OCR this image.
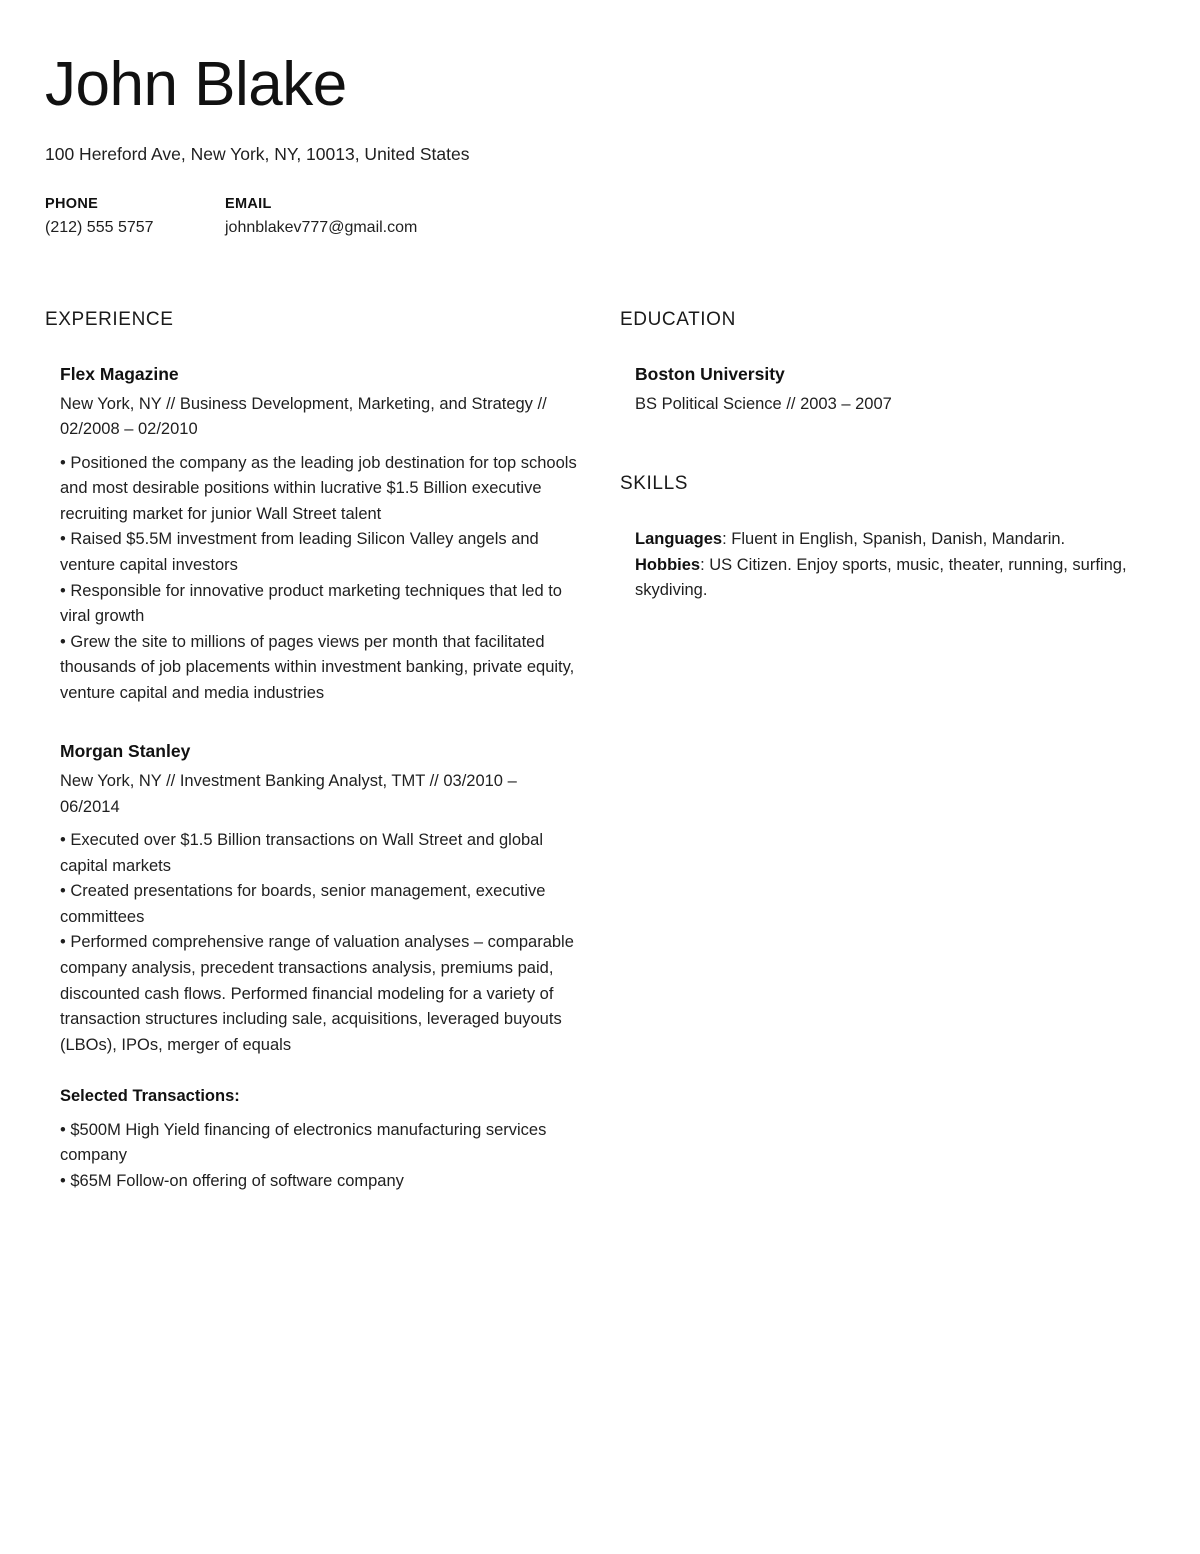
John Blake
100 Hereford Ave, New York, NY, 10013, United States
PHONE
(212) 555 5757
EMAIL
johnblakev777@gmail.com
EXPERIENCE
Flex Magazine

New York, NY // Business Development, Marketing, and Strategy // 02/2008 – 02/2010

• Positioned the company as the leading job destination for top schools and most desirable positions within lucrative $1.5 Billion executive recruiting market for junior Wall Street talent
• Raised $5.5M investment from leading Silicon Valley angels and venture capital investors
• Responsible for innovative product marketing techniques that led to viral growth
• Grew the site to millions of pages views per month that facilitated thousands of job placements within investment banking, private equity, venture capital and media industries
Morgan Stanley

New York, NY // Investment Banking Analyst, TMT // 03/2010 – 06/2014

• Executed over $1.5 Billion transactions on Wall Street and global capital markets
• Created presentations for boards, senior management, executive committees
• Performed comprehensive range of valuation analyses – comparable company analysis, precedent transactions analysis, premiums paid, discounted cash flows. Performed financial modeling for a variety of transaction structures including sale, acquisitions, leveraged buyouts (LBOs), IPOs, merger of equals
Selected Transactions:
• $500M High Yield financing of electronics manufacturing services company
• $65M Follow-on offering of software company
EDUCATION
Boston University

BS Political Science // 2003 – 2007

SKILLS

Languages: Fluent in English, Spanish, Danish, Mandarin.

Hobbies: US Citizen. Enjoy sports, music, theater, running, surfing, skydiving.
